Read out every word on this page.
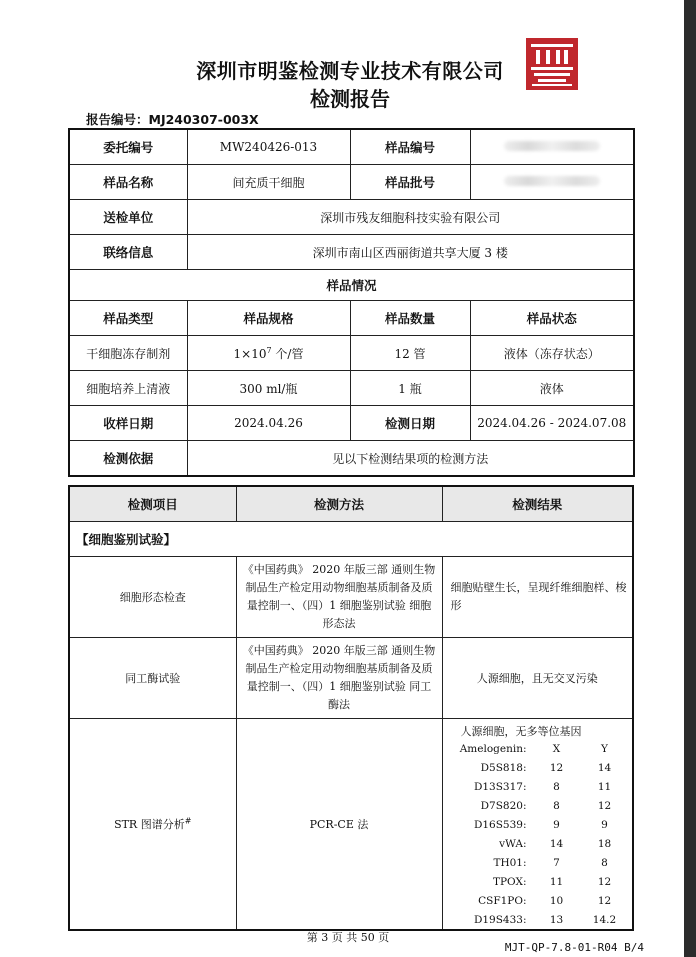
深圳市明鉴检测专业技术有限公司
检测报告
报告编号：MJ240307-003X
委托编号	MW240426-013	样品编号	
样品名称	间充质干细胞	样品批号	
送检单位	深圳市残友细胞科技实验有限公司		
联络信息	深圳市南山区西丽街道共享大厦 3 楼		
样品情况			
样品类型	样品规格	样品数量	样品状态
干细胞冻存制剂	$1\times 10^7$ 个/管	12 管	液体（冻存状态）
细胞培养上清液	300 ml/瓶	1 瓶	液体
收样日期	2024.04.26	检测日期	2024.04.26 - 2024.07.08
检测依据	见以下检测结果项的检测方法		
检测项目	检测方法	检测结果
【细胞鉴别试验】
细胞形态检查	《中国药典》 2020 年版三部 通则生物制品生产检定用动物细胞基质制备及质量控制一、（四）1 细胞鉴别试验 细胞形态法	细胞贴壁生长，呈现纤维细胞样、梭形
同工酶试验	《中国药典》 2020 年版三部 通则生物制品生产检定用动物细胞基质制备及质量控制一、（四）1 细胞鉴别试验 同工酶法	人源细胞，且无交叉污染
STR 图谱分析#	PCR-CE 法	
人源细胞，无多等位基因
Amelogenin:	X	Y
D5S818:	12	14
D13S317:	8	11
D7S820:	8	12
D16S539:	9	9
vWA:	14	18
TH01:	7	8
TPOX:	11	12
CSF1PO:	10	12
D19S433:	13	14.2
第 3 页 共 50 页
MJT-QP-7.8-01-R04 B/4
